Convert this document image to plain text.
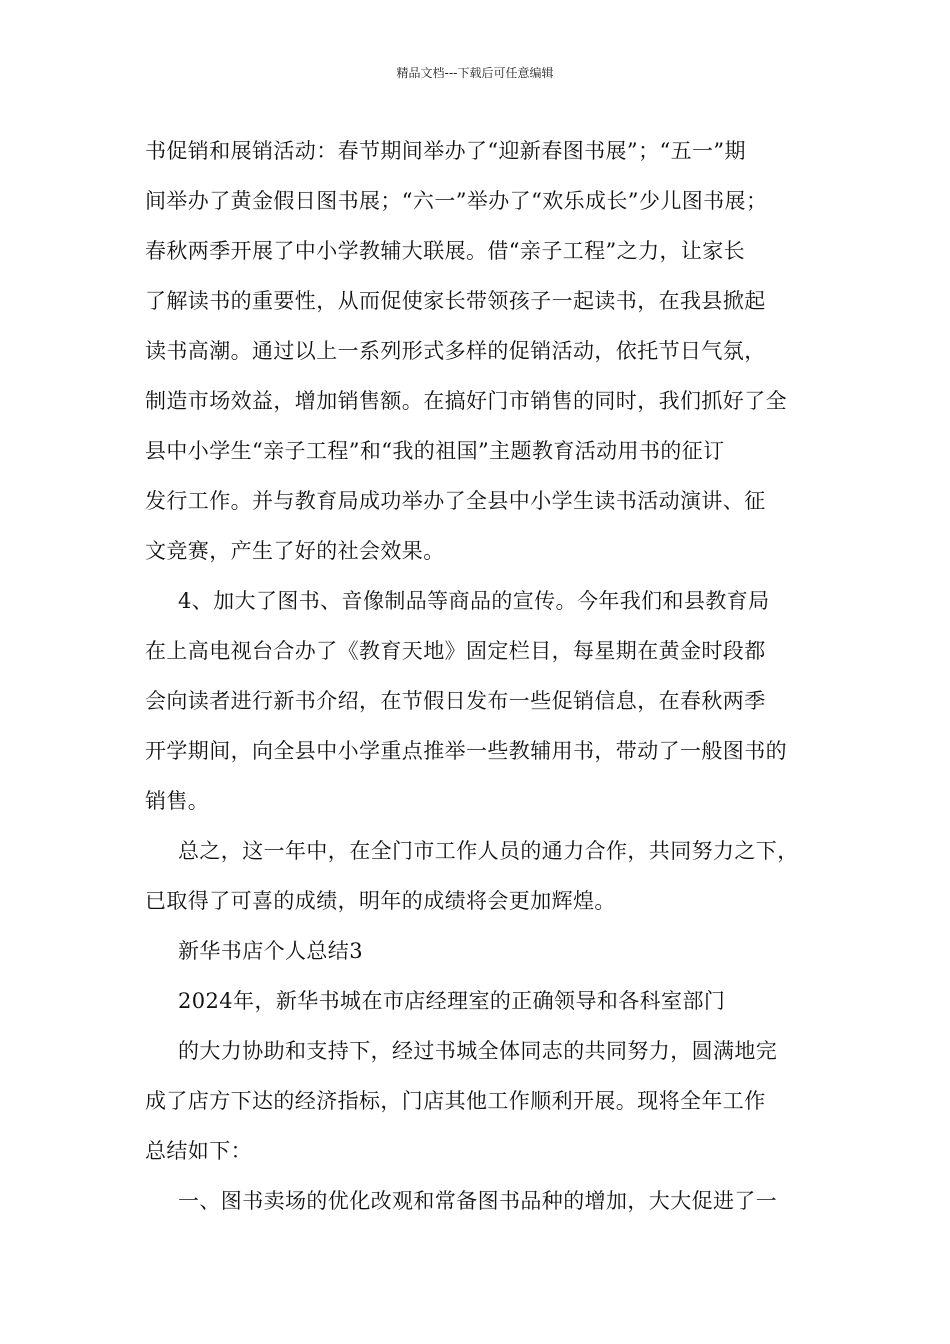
精品文档---下载后可任意编辑
书促销和展销活动：春节期间举办了“迎新春图书展”；“五一”期
间举办了黄金假日图书展；“六一”举办了“欢乐成长”少儿图书展；
春秋两季开展了中小学教辅大联展。借“亲子工程”之力，让家长
了解读书的重要性，从而促使家长带领孩子一起读书，在我县掀起
读书高潮。通过以上一系列形式多样的促销活动，依托节日气氛，
制造市场效益，增加销售额。在搞好门市销售的同时，我们抓好了全
县中小学生“亲子工程”和“我的祖国”主题教育活动用书的征订
发行工作。并与教育局成功举办了全县中小学生读书活动演讲、征
文竞赛，产生了好的社会效果。
4、加大了图书、音像制品等商品的宣传。今年我们和县教育局
在上高电视台合办了《教育天地》固定栏目，每星期在黄金时段都
会向读者进行新书介绍，在节假日发布一些促销信息，在春秋两季
开学期间，向全县中小学重点推举一些教辅用书，带动了一般图书的
销售。
总之，这一年中，在全门市工作人员的通力合作，共同努力之下，
已取得了可喜的成绩，明年的成绩将会更加辉煌。
新华书店个人总结3
2024年，新华书城在市店经理室的正确领导和各科室部门
的大力协助和支持下，经过书城全体同志的共同努力，圆满地完
成了店方下达的经济指标，门店其他工作顺利开展。现将全年工作
总结如下：
一、图书卖场的优化改观和常备图书品种的增加，大大促进了一
